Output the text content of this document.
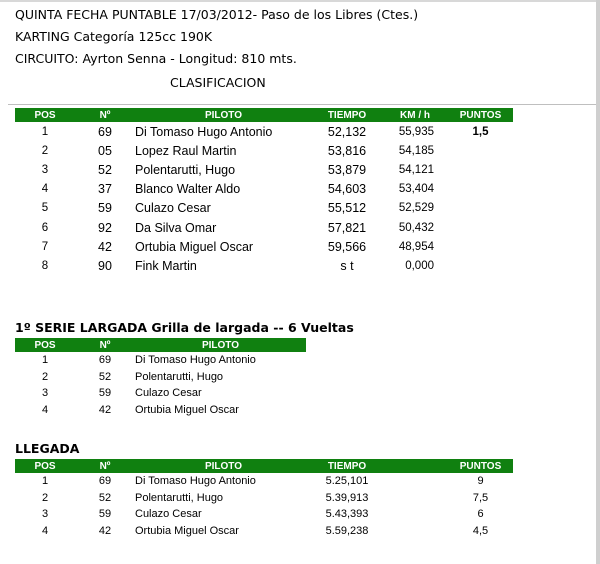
QUINTA FECHA PUNTABLE 17/03/2012- Paso de los Libres (Ctes.)
KARTING Categoría 125cc 190K
CIRCUITO: Ayrton Senna - Longitud: 810 mts.
CLASIFICACION
POS	Nº	PILOTO	TIEMPO	KM / h	PUNTOS
1	69	Di Tomaso Hugo Antonio	52,132	55,935	1,5
2	05	Lopez Raul Martin	53,816	54,185	
3	52	Polentarutti, Hugo	53,879	54,121	
4	37	Blanco Walter Aldo	54,603	53,404	
5	59	Culazo Cesar	55,512	52,529	
6	92	Da Silva Omar	57,821	50,432	
7	42	Ortubia Miguel Oscar	59,566	48,954	
8	90	Fink Martin	s t	0,000	
1º SERIE LARGADA Grilla de largada -- 6 Vueltas
POS	Nº	PILOTO
1	69	Di Tomaso Hugo Antonio
2	52	Polentarutti, Hugo
3	59	Culazo Cesar
4	42	Ortubia Miguel Oscar
LLEGADA
POS	Nº	PILOTO	TIEMPO		PUNTOS
1	69	Di Tomaso Hugo Antonio	5.25,101		9
2	52	Polentarutti, Hugo	5.39,913		7,5
3	59	Culazo Cesar	5.43,393		6
4	42	Ortubia Miguel Oscar	5.59,238		4,5
